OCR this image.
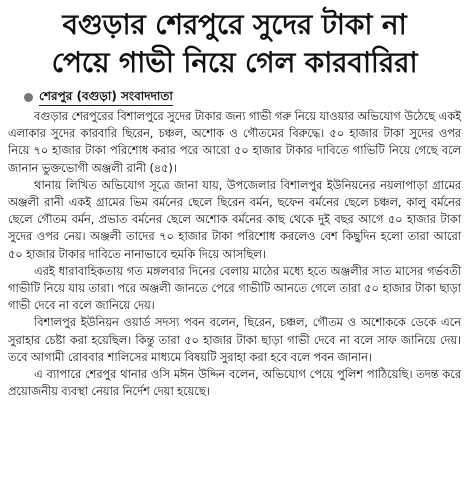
বগুড়ার শেরপুরে সুদের টাকা না
পেয়ে গাভী নিয়ে গেল কারবারিরা
শেরপুর (বগুড়া) সংবাদদাতা

বগুড়ার শেরপুরের বিশালপুরে সুদের টাকার জন্য গাভী গরু নিয়ে যাওয়ার অভিযোগ উঠেছে একই এলাকার সুদের কারবারি ছিরেন, চঞ্চল, অশোক ও গৌতমের বিরুদ্ধে। ৫০ হাজার টাকা সুদের ওপর নিয়ে ৭০ হাজার টাকা পরিশোধ করার পরে আরো ৫০ হাজার টাকার দাবিতে গাভিটি নিয়ে গেছে বলে জানান ভুক্তভোগী অঞ্জলী রানী (৪৫)।

থানায় লিখিত অভিযোগ সূত্রে জানা যায়, উপজেলার বিশালপুর ইউনিয়নের নয়লাপাড়া গ্রামের অঞ্জলী রানী একই গ্রামের ভিম বর্মনের ছেলে ছিরেন বর্মন, ছফেন বর্মনের ছেলে চঞ্চল, কালু বর্মনের ছেলে গৌতম বর্মন, প্রভাত বর্মনের ছেলে অশোক বর্মনের কাছ থেকে দুই বছর আগে ৫০ হাজার টাকা সুদের ওপর নেয়। অঞ্জলী তাদের ৭০ হাজার টাকা পরিশোধ করলেও বেশ কিছুদিন হলো তারা আরো ৫০ হাজার টাকার দাবিতে নানাভাবে হুমকি দিয়ে আসছিল।

এরই ধারাবাহিকতায় গত মঙ্গলবার দিনের বেলায় মাঠের মধ্যে হতে অঞ্জলীর সাত মাসের গর্ভবতী গাভীটি নিয়ে যায় তারা। পরে অঞ্জলী জানতে পেরে গাভীটি আনতে গেলে তারা ৫০ হাজার টাকা ছাড়া গাভী দেবে না বলে জানিয়ে দেয়।

বিশালপুর ইউনিয়ন ওয়ার্ড সদস্য পবন বলেন, ছিরেন, চঞ্চল, গৌতম ও অশোককে ডেকে এনে সুরাহার চেষ্টা করা হয়েছিল। কিন্তু তারা ৫০ হাজার টাকা ছাড়া গাভী দেবে না বলে সাফ জানিয়ে দেয়। তবে আগামী রোববার শালিসের মাধ্যমে বিষয়টি সুরাহা করা হবে বলে পবন জানান।

এ ব্যাপারে শেরপুর থানার ওসি মঈন উদ্দিন বলেন, অভিযোগ পেয়ে পুলিশ পাঠিয়েছি। তদন্ত করে প্রয়োজনীয় ব্যবস্থা নেয়ার নির্দেশ দেয়া হয়েছে।
